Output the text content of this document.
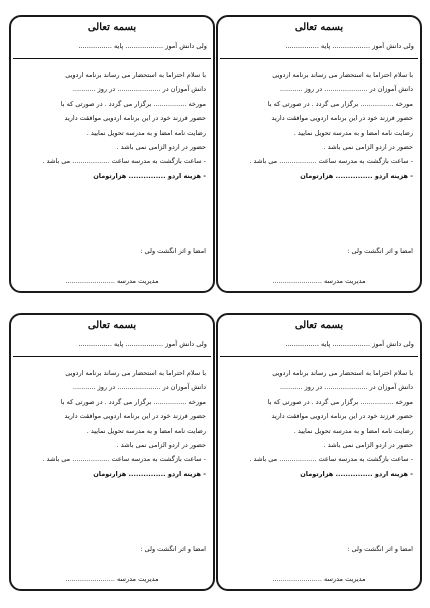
بسمه تعالی
ولی دانش آموز .................. پایه ................

با سلام احتراما به استحضار می رساند برنامه اردویی

دانش آموزان در ..................... در روز ...........

مورخه ................ برگزار می گردد . در صورتی که با

حضور فرزند خود در این برنامه اردویی موافقت دارید

رضایت نامه امضا و به مدرسه تحویل نمایید .

حضور در اردو الزامی نمی باشد .

- ساعت بازگشت به مدرسه ساعت .................. می باشد .

- هزینه اردو ............... هزارتومان

امضا و اثر انگشت ولی :
مدیریت مدرسه ........................
بسمه تعالی
ولی دانش آموز .................. پایه ................

با سلام احتراما به استحضار می رساند برنامه اردویی

دانش آموزان در ..................... در روز ...........

مورخه ................ برگزار می گردد . در صورتی که با

حضور فرزند خود در این برنامه اردویی موافقت دارید

رضایت نامه امضا و به مدرسه تحویل نمایید .

حضور در اردو الزامی نمی باشد .

- ساعت بازگشت به مدرسه ساعت .................. می باشد .

- هزینه اردو ............... هزارتومان

امضا و اثر انگشت ولی :
مدیریت مدرسه ........................
بسمه تعالی
ولی دانش آموز .................. پایه ................

با سلام احتراما به استحضار می رساند برنامه اردویی

دانش آموزان در ..................... در روز ...........

مورخه ................ برگزار می گردد . در صورتی که با

حضور فرزند خود در این برنامه اردویی موافقت دارید

رضایت نامه امضا و به مدرسه تحویل نمایید .

حضور در اردو الزامی نمی باشد .

- ساعت بازگشت به مدرسه ساعت .................. می باشد .

- هزینه اردو ............... هزارتومان

امضا و اثر انگشت ولی :
مدیریت مدرسه ........................
بسمه تعالی
ولی دانش آموز .................. پایه ................

با سلام احتراما به استحضار می رساند برنامه اردویی

دانش آموزان در ..................... در روز ...........

مورخه ................ برگزار می گردد . در صورتی که با

حضور فرزند خود در این برنامه اردویی موافقت دارید

رضایت نامه امضا و به مدرسه تحویل نمایید .

حضور در اردو الزامی نمی باشد .

- ساعت بازگشت به مدرسه ساعت .................. می باشد .

- هزینه اردو ............... هزارتومان

امضا و اثر انگشت ولی :
مدیریت مدرسه ........................
